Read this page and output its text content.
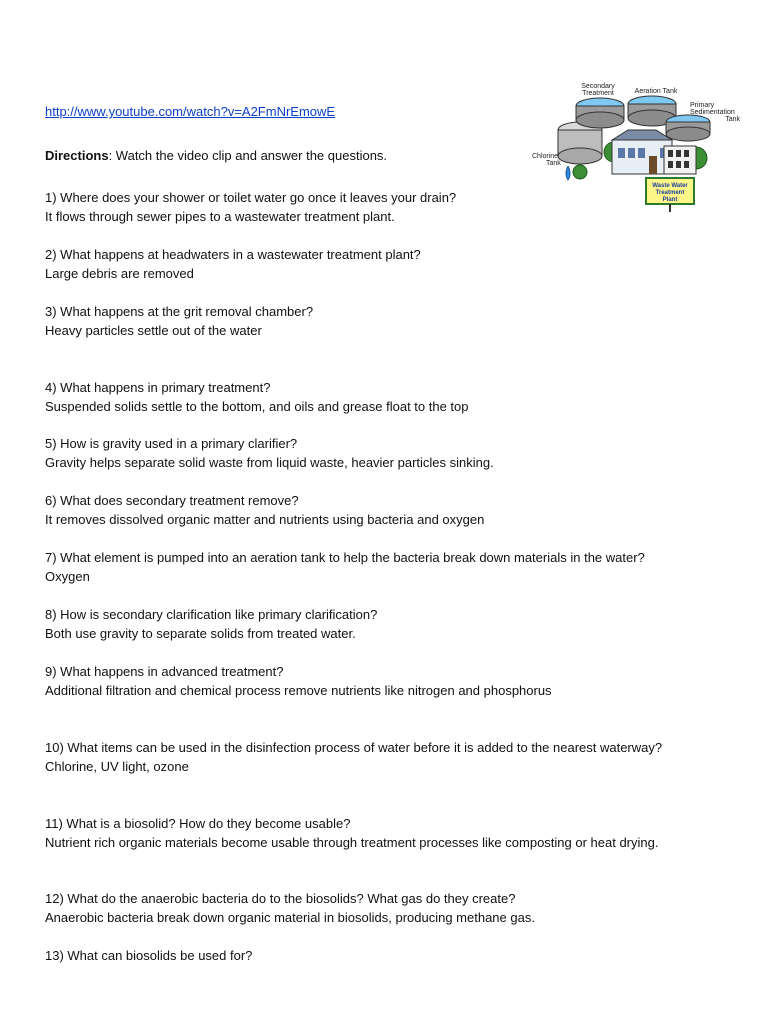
http://www.youtube.com/watch?v=A2FmNrEmowE
Directions: Watch the video clip and answer the questions.
1) Where does your shower or toilet water go once it leaves your drain?
It flows through sewer pipes to a wastewater treatment plant.
2) What happens at headwaters in a wastewater treatment plant?
Large debris are removed
3) What happens at the grit removal chamber?
Heavy particles settle out of the water
4) What happens in primary treatment?
Suspended solids settle to the bottom, and oils and grease float to the top
5) How is gravity used in a primary clarifier?
Gravity helps separate solid waste from liquid waste, heavier particles sinking.
6) What does secondary treatment remove?
It removes dissolved organic matter and nutrients using bacteria and oxygen
7) What element is pumped into an aeration tank to help the bacteria break down materials in the water?
Oxygen
8) How is secondary clarification like primary clarification?
Both use gravity to separate solids from treated water.
9) What happens in advanced treatment?
Additional filtration and chemical process remove nutrients like nitrogen and phosphorus
10) What items can be used in the disinfection process of water before it is added to the nearest waterway?
Chlorine, UV light, ozone
11) What is a biosolid? How do they become usable?
Nutrient rich organic materials become usable through treatment processes like composting or heat drying.
12) What do the anaerobic bacteria do to the biosolids? What gas do they create?
Anaerobic bacteria break down organic material in biosolids, producing methane gas.
13) What can biosolids be used for?
Waste Water
Treatment
Plant
Secondary
Treatment	Aeration Tank
Primary
Sedimentation
Tank
Chlorine
Tank
